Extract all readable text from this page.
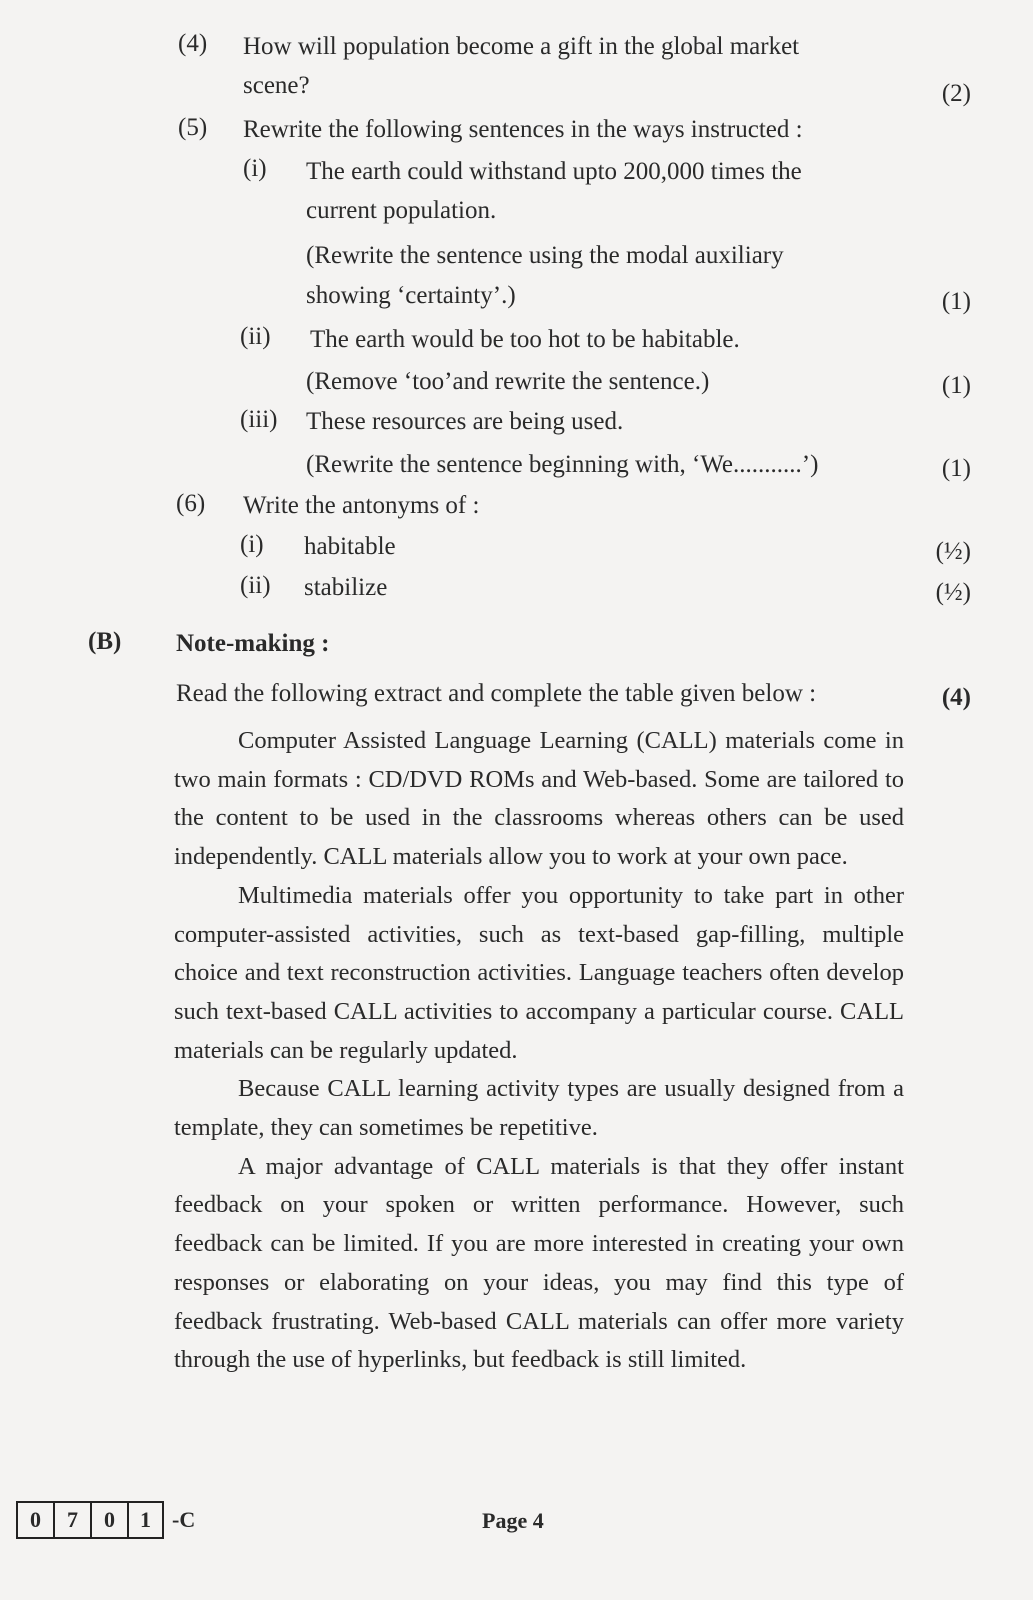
(4) How will population become a gift in the global market
scene?	(2)
(5) Rewrite the following sentences in the ways instructed :
(i) The earth could withstand upto 200,000 times the
current population.
(Rewrite the sentence using the modal auxiliary
showing ‘certainty’.)	(1)
(ii) The earth would be too hot to be habitable.
(Remove ‘too’and rewrite the sentence.)	(1)
(iii) These resources are being used.
(Rewrite the sentence beginning with, ‘We...........’)	(1)
(6) Write the antonyms of :
(i) habitable	(½)
(ii) stabilize	(½)
(B) Note-making :
Read the following extract and complete the table given below :	(4)

Computer Assisted Language Learning (CALL) materials come in two main formats : CD/DVD ROMs and Web-based. Some are tailored to the content to be used in the classrooms whereas others can be used independently. CALL materials allow you to work at your own pace.

Multimedia materials offer you opportunity to take part in other computer-assisted activities, such as text-based gap-filling, multiple choice and text reconstruction activities. Language teachers often develop such text-based CALL activities to accompany a particular course. CALL materials can be regularly updated.

Because CALL learning activity types are usually designed from a template, they can sometimes be repetitive.

A major advantage of CALL materials is that they offer instant feedback on your spoken or written performance. However, such feedback can be limited. If you are more interested in creating your own responses or elaborating on your ideas, you may find this type of feedback frustrating. Web-based CALL materials can offer more variety through the use of hyperlinks, but feedback is still limited.

0	7	0	1 -C	Page 4
